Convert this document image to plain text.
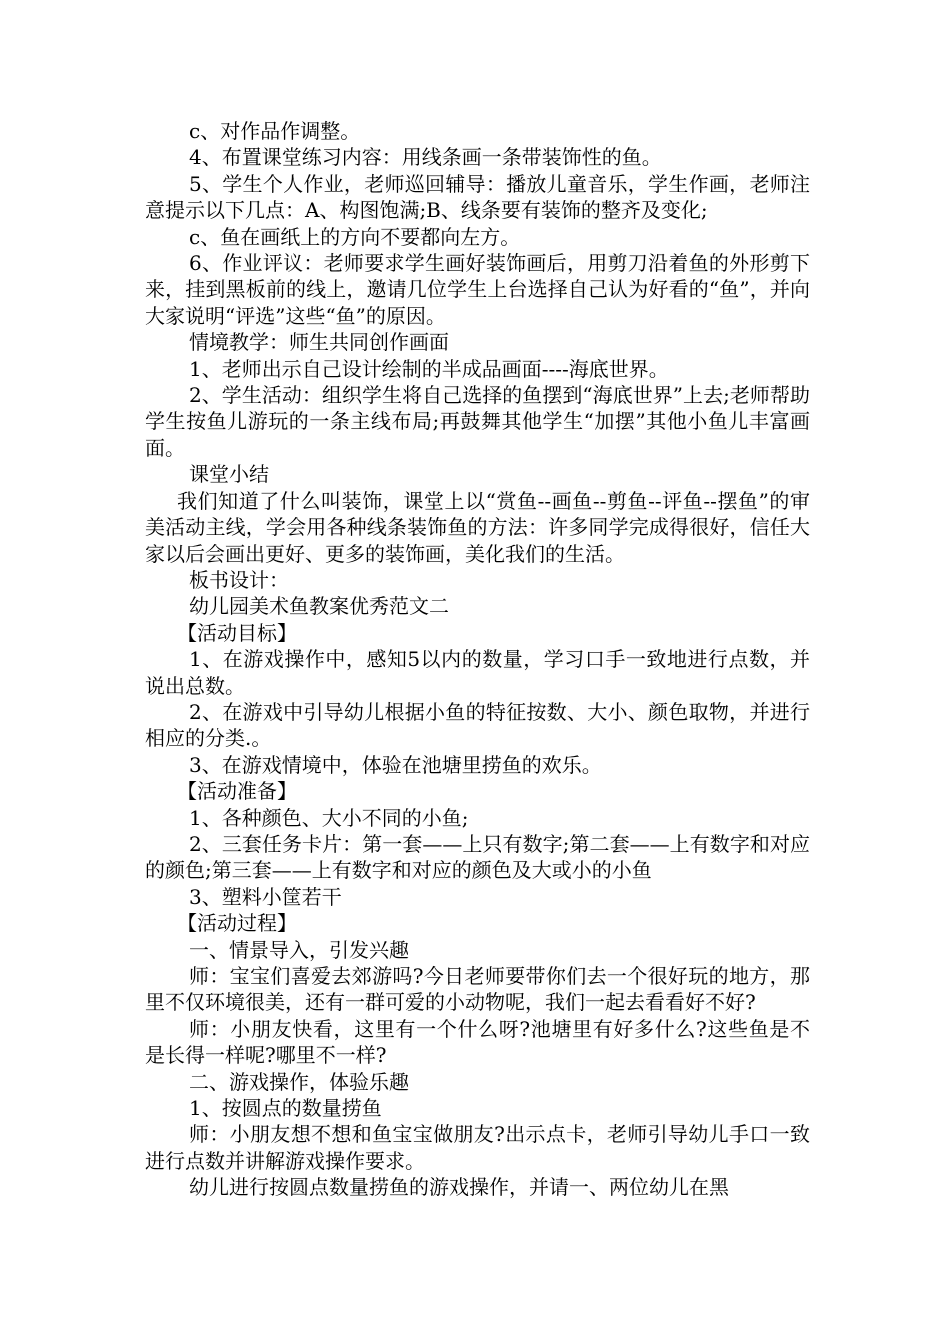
c、对作品作调整。

4、布置课堂练习内容：用线条画一条带装饰性的鱼。

5、学生个人作业，老师巡回辅导：播放儿童音乐，学生作画，老师注意提示以下几点：A、构图饱满;B、线条要有装饰的整齐及变化;

c、鱼在画纸上的方向不要都向左方。

6、作业评议：老师要求学生画好装饰画后，用剪刀沿着鱼的外形剪下来，挂到黑板前的线上，邀请几位学生上台选择自己认为好看的“鱼”，并向大家说明“评选”这些“鱼”的原因。

情境教学：师生共同创作画面

1、老师出示自己设计绘制的半成品画面----海底世界。

2、学生活动：组织学生将自己选择的鱼摆到“海底世界”上去;老师帮助学生按鱼儿游玩的一条主线布局;再鼓舞其他学生“加摆”其他小鱼儿丰富画面。

课堂小结

我们知道了什么叫装饰，课堂上以“赏鱼--画鱼--剪鱼--评鱼--摆鱼”的审美活动主线，学会用各种线条装饰鱼的方法：许多同学完成得很好，信任大家以后会画出更好、更多的装饰画，美化我们的生活。

板书设计：

幼儿园美术鱼教案优秀范文二

【活动目标】

1、在游戏操作中，感知5以内的数量，学习口手一致地进行点数，并说出总数。

2、在游戏中引导幼儿根据小鱼的特征按数、大小、颜色取物，并进行相应的分类.。

3、在游戏情境中，体验在池塘里捞鱼的欢乐。

【活动准备】

1、各种颜色、大小不同的小鱼;

2、三套任务卡片：第一套——上只有数字;第二套——上有数字和对应的颜色;第三套——上有数字和对应的颜色及大或小的小鱼

3、塑料小筐若干

【活动过程】

一、情景导入，引发兴趣

师：宝宝们喜爱去郊游吗?今日老师要带你们去一个很好玩的地方，那里不仅环境很美，还有一群可爱的小动物呢，我们一起去看看好不好?

师：小朋友快看，这里有一个什么呀?池塘里有好多什么?这些鱼是不是长得一样呢?哪里不一样?

二、游戏操作，体验乐趣

1、按圆点的数量捞鱼

师：小朋友想不想和鱼宝宝做朋友?出示点卡，老师引导幼儿手口一致进行点数并讲解游戏操作要求。

幼儿进行按圆点数量捞鱼的游戏操作，并请一、两位幼儿在黑
